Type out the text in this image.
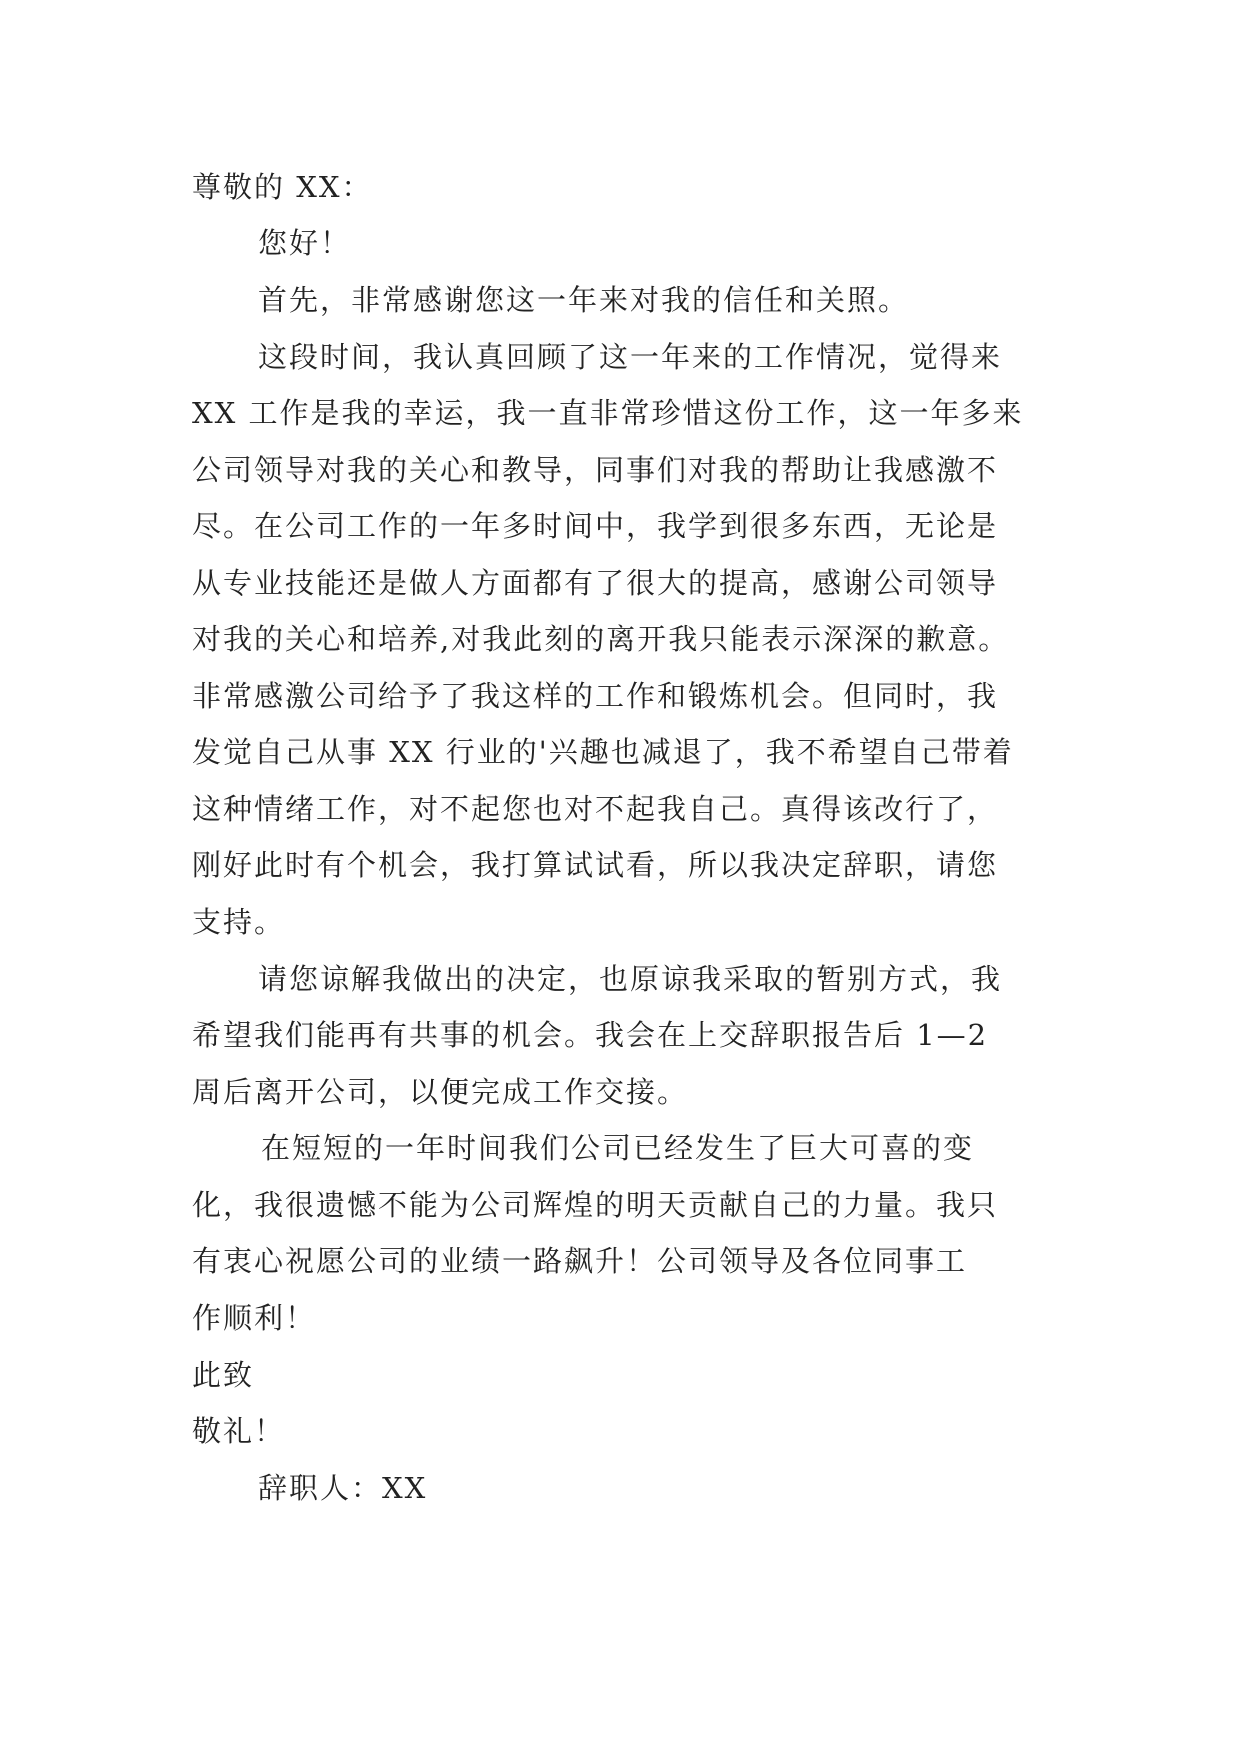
尊敬的 XX：
您好！
首先，非常感谢您这一年来对我的信任和关照。
这段时间，我认真回顾了这一年来的工作情况，觉得来
XX 工作是我的幸运，我一直非常珍惜这份工作，这一年多来
公司领导对我的关心和教导，同事们对我的帮助让我感激不
尽。在公司工作的一年多时间中，我学到很多东西，无论是
从专业技能还是做人方面都有了很大的提高，感谢公司领导
对我的关心和培养,对我此刻的离开我只能表示深深的歉意。
非常感激公司给予了我这样的工作和锻炼机会。但同时，我
发觉自己从事 XX 行业的'兴趣也减退了，我不希望自己带着
这种情绪工作，对不起您也对不起我自己。真得该改行了，
刚好此时有个机会，我打算试试看，所以我决定辞职，请您
支持。
请您谅解我做出的决定，也原谅我采取的暂别方式，我
希望我们能再有共事的机会。我会在上交辞职报告后 1—2
周后离开公司，以便完成工作交接。
在短短的一年时间我们公司已经发生了巨大可喜的变
化，我很遗憾不能为公司辉煌的明天贡献自己的力量。我只
有衷心祝愿公司的业绩一路飙升！公司领导及各位同事工
作顺利！
此致
敬礼！
辞职人：XX
